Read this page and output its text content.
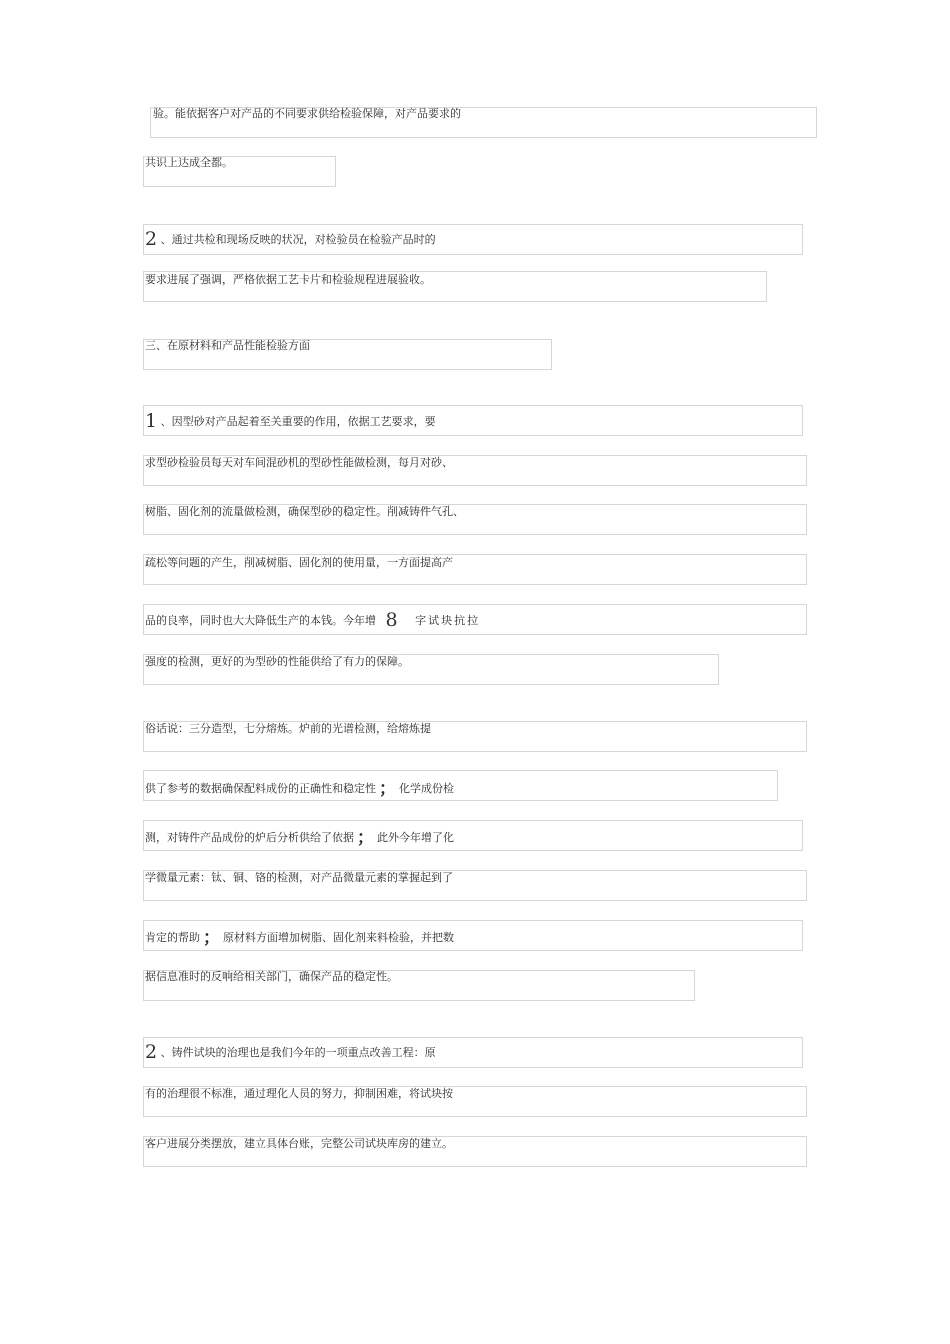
验。能依据客户对产品的不同要求供给检验保障，对产品要求的
共识上达成全都。
2 、通过共检和现场反映的状况，对检验员在检验产品时的
要求进展了强调，严格依据工艺卡片和检验规程进展验收。
三、在原材料和产品性能检验方面
1 、因型砂对产品起着至关重要的作用，依据工艺要求，要
求型砂检验员每天对车间混砂机的型砂性能做检测，每月对砂、
树脂、固化剂的流量做检测，确保型砂的稳定性。削减铸件气孔、
疏松等问题的产生，削减树脂、固化剂的使用量，一方面提高产
品的良率，同时也大大降低生产的本钱。今年增 8 字试块抗拉
强度的检测，更好的为型砂的性能供给了有力的保障。
俗话说：三分造型，七分熔炼。炉前的光谱检测，给熔炼提
供了参考的数据确保配料成份的正确性和稳定性 ； 化学成份检
测，对铸件产品成份的炉后分析供给了依据 ； 此外今年增了化
学微量元素：钛、铜、铬的检测，对产品微量元素的掌握起到了
肯定的帮助 ； 原材料方面增加树脂、固化剂来料检验，并把数
据信息准时的反响给相关部门，确保产品的稳定性。
2 、铸件试块的治理也是我们今年的一项重点改善工程：原
有的治理很不标准，通过理化人员的努力，抑制困难，将试块按
客户进展分类摆放，建立具体台账，完整公司试块库房的建立。
